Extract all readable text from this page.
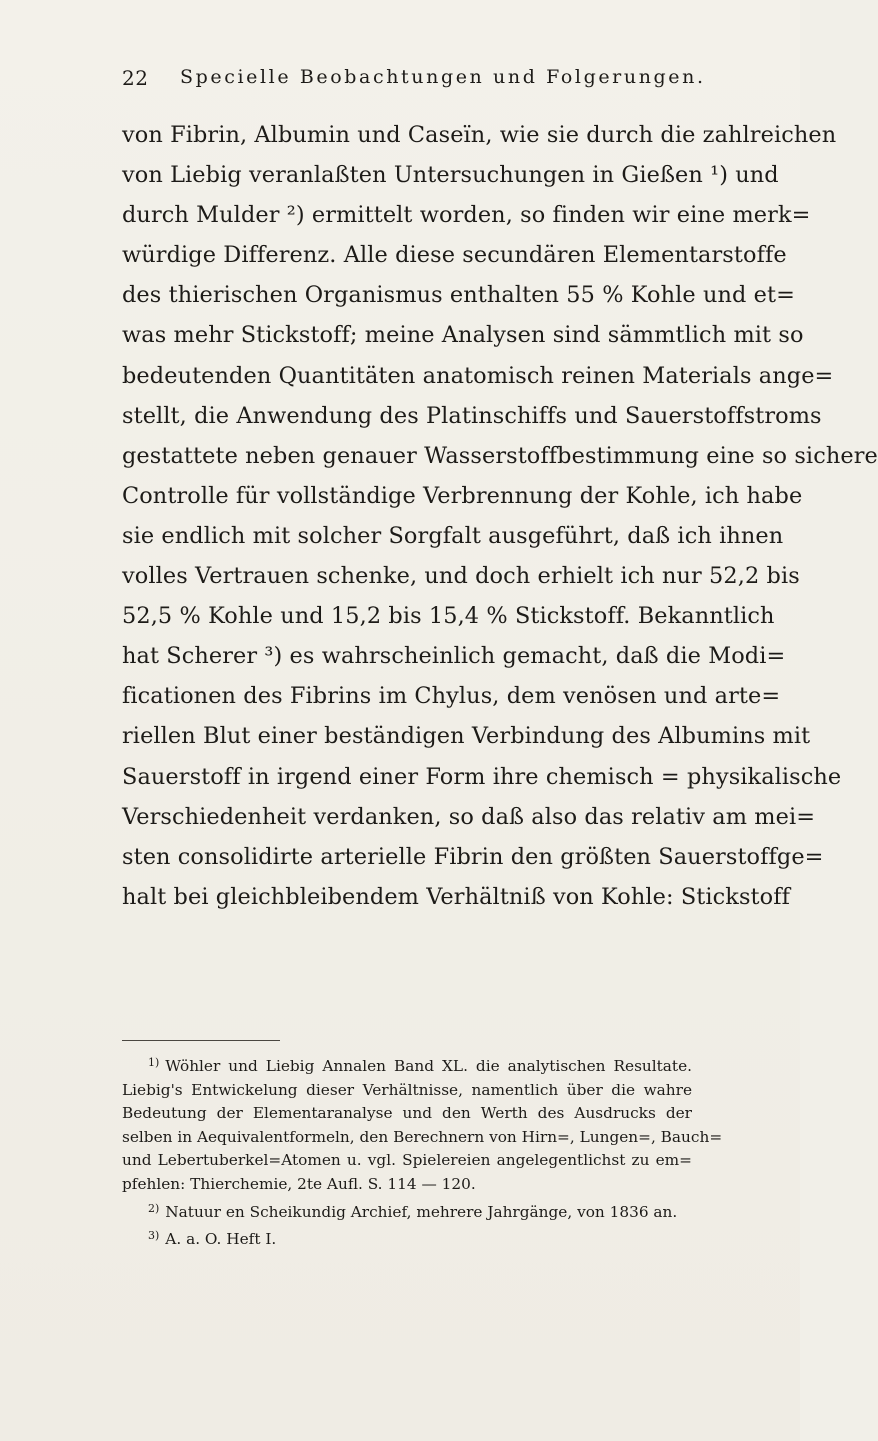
22 Specielle Beobachtungen und Folgerungen.
von Fibrin, Albumin und Caseïn, wie sie durch die zahlreichen
von Liebig veranlaßten Untersuchungen in Gießen ¹) und
durch Mulder ²) ermittelt worden, so finden wir eine merk=
würdige Differenz. Alle diese secundären Elementarstoffe
des thierischen Organismus enthalten 55 % Kohle und et=
was mehr Stickstoff; meine Analysen sind sämmtlich mit so
bedeutenden Quantitäten anatomisch reinen Materials ange=
stellt, die Anwendung des Platinschiffs und Sauerstoffstroms
gestattete neben genauer Wasserstoffbestimmung eine so sichere
Controlle für vollständige Verbrennung der Kohle, ich habe
sie endlich mit solcher Sorgfalt ausgeführt, daß ich ihnen
volles Vertrauen schenke, und doch erhielt ich nur 52,2 bis
52,5 % Kohle und 15,2 bis 15,4 % Stickstoff. Bekanntlich
hat Scherer ³) es wahrscheinlich gemacht, daß die Modi=
ficationen des Fibrins im Chylus, dem venösen und arte=
riellen Blut einer beständigen Verbindung des Albumins mit
Sauerstoff in irgend einer Form ihre chemisch = physikalische
Verschiedenheit verdanken, so daß also das relativ am mei=
sten consolidirte arterielle Fibrin den größten Sauerstoffge=
halt bei gleichbleibendem Verhältniß von Kohle: Stickstoff
$^{1)}$ Wöhler und Liebig Annalen Band XL. die analytischen Resultate.
Liebig's Entwickelung dieser Verhältnisse, namentlich über die wahre
Bedeutung der Elementaranalyse und den Werth des Ausdrucks der
selben in Aequivalentformeln, den Berechnern von Hirn=, Lungen=, Bauch=
und Lebertuberkel=Atomen u. vgl. Spielereien angelegentlichst zu em=
pfehlen: Thierchemie, 2te Aufl. S. 114 — 120.
$^{2)}$ Natuur en Scheikundig Archief, mehrere Jahrgänge, von 1836 an.
$^{3)}$ A. a. O. Heft I.
